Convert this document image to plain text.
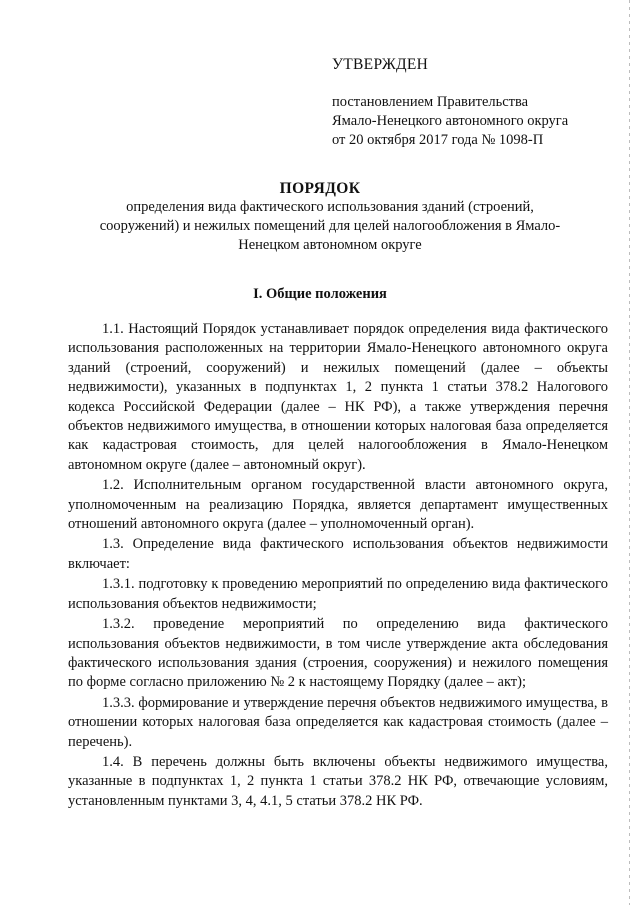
УТВЕРЖДЕН
постановлением Правительства
Ямало-Ненецкого автономного округа
от 20 октября 2017 года № 1098-П
ПОРЯДОК
определения вида фактического использования зданий (строений, сооружений) и нежилых помещений для целей налогообложения в Ямало-Ненецком автономном округе
I. Общие положения

1.1. Настоящий Порядок устанавливает порядок определения вида фактического использования расположенных на территории Ямало-Ненецкого автономного округа зданий (строений, сооружений) и нежилых помещений (далее – объекты недвижимости), указанных в подпунктах 1, 2 пункта 1 статьи 378.2 Налогового кодекса Российской Федерации (далее – НК РФ), а также утверждения перечня объектов недвижимого имущества, в отношении которых налоговая база определяется как кадастровая стоимость, для целей налогообложения в Ямало-Ненецком автономном округе (далее – автономный округ).

1.2. Исполнительным органом государственной власти автономного округа, уполномоченным на реализацию Порядка, является департамент имущественных отношений автономного округа (далее – уполномоченный орган).

1.3. Определение вида фактического использования объектов недвижимости включает:

1.3.1. подготовку к проведению мероприятий по определению вида фактического использования объектов недвижимости;

1.3.2. проведение мероприятий по определению вида фактического использования объектов недвижимости, в том числе утверждение акта обследования фактического использования здания (строения, сооружения) и нежилого помещения по форме согласно приложению № 2 к настоящему Порядку (далее – акт);

1.3.3. формирование и утверждение перечня объектов недвижимого имущества, в отношении которых налоговая база определяется как кадастровая стоимость (далее – перечень).

1.4. В перечень должны быть включены объекты недвижимого имущества, указанные в подпунктах 1, 2 пункта 1 статьи 378.2 НК РФ, отвечающие условиям, установленным пунктами 3, 4, 4.1, 5 статьи 378.2 НК РФ.
